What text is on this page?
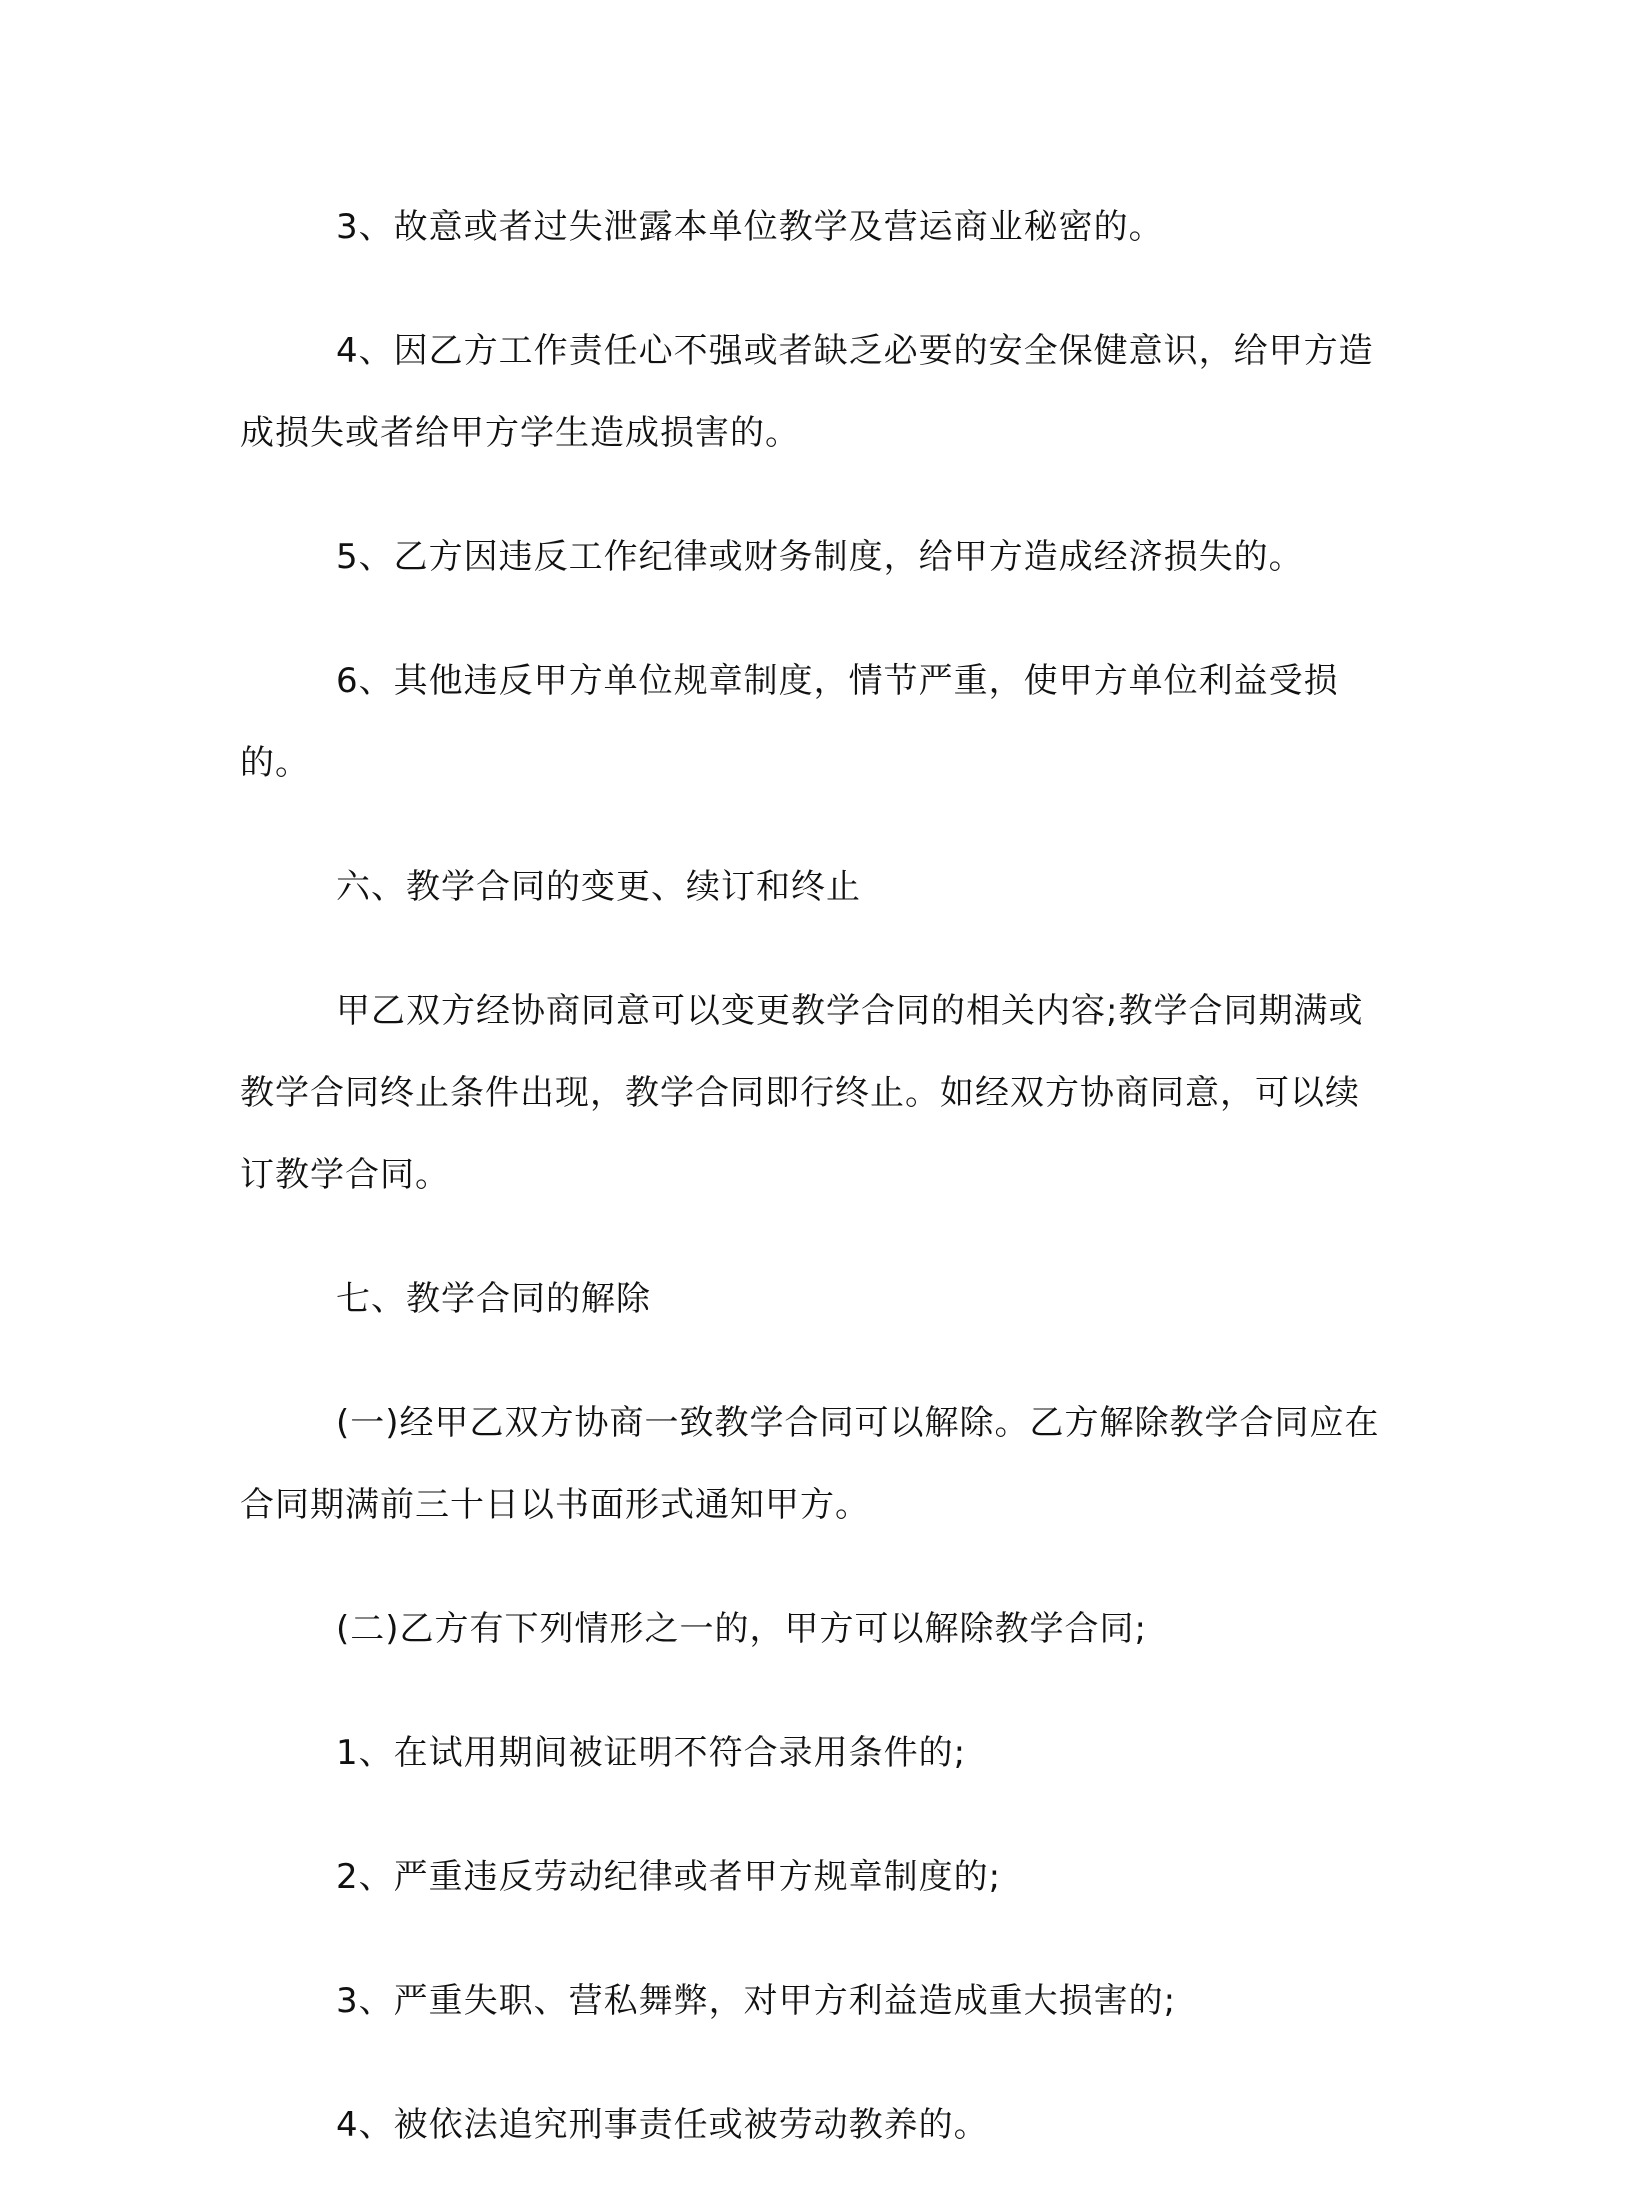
3、故意或者过失泄露本单位教学及营运商业秘密的。

4、因乙方工作责任心不强或者缺乏必要的安全保健意识，给甲方造成损失或者给甲方学生造成损害的。

5、乙方因违反工作纪律或财务制度，给甲方造成经济损失的。

6、其他违反甲方单位规章制度，情节严重，使甲方单位利益受损的。

六、教学合同的变更、续订和终止

甲乙双方经协商同意可以变更教学合同的相关内容;教学合同期满或教学合同终止条件出现，教学合同即行终止。如经双方协商同意，可以续订教学合同。

七、教学合同的解除

(一)经甲乙双方协商一致教学合同可以解除。乙方解除教学合同应在合同期满前三十日以书面形式通知甲方。

(二)乙方有下列情形之一的，甲方可以解除教学合同;

1、在试用期间被证明不符合录用条件的;

2、严重违反劳动纪律或者甲方规章制度的;

3、严重失职、营私舞弊，对甲方利益造成重大损害的;

4、被依法追究刑事责任或被劳动教养的。
